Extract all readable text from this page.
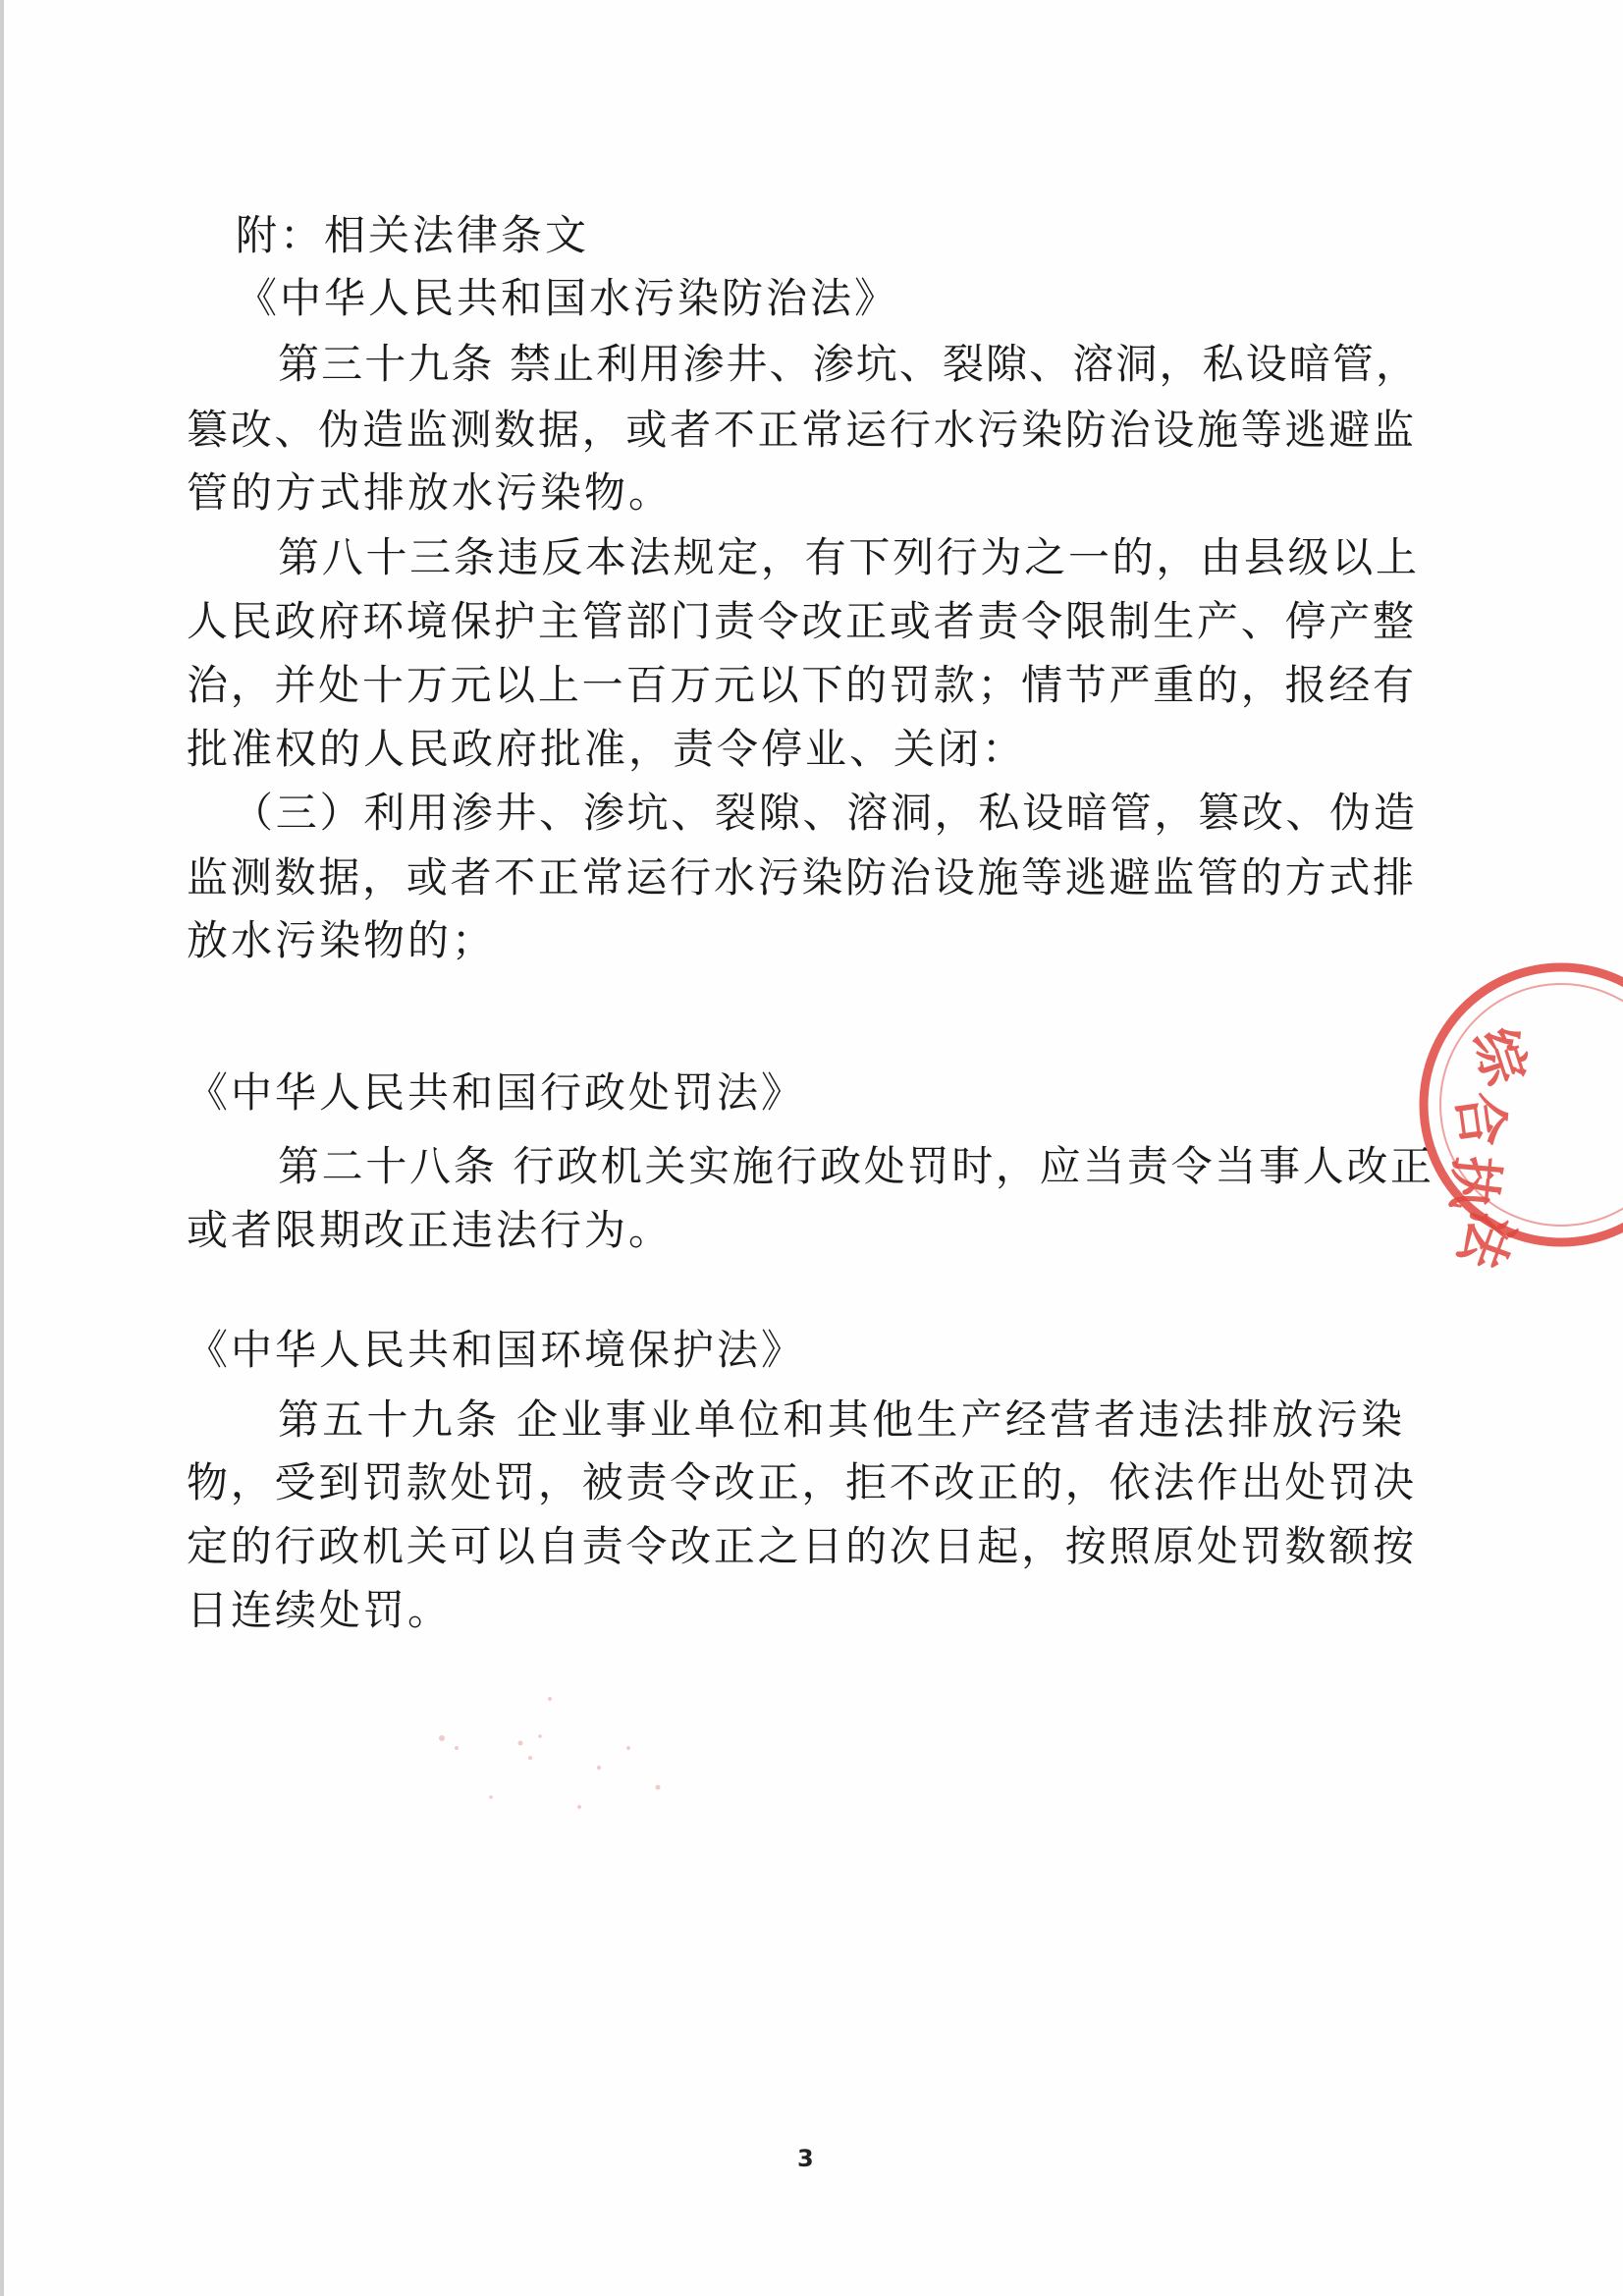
附：相关法律条文
《中华人民共和国水污染防治法》
第三十九条 禁止利用渗井、渗坑、裂隙、溶洞，私设暗管，
篡改、伪造监测数据，或者不正常运行水污染防治设施等逃避监
管的方式排放水污染物。
第八十三条违反本法规定，有下列行为之一的，由县级以上
人民政府环境保护主管部门责令改正或者责令限制生产、停产整
治，并处十万元以上一百万元以下的罚款；情节严重的，报经有
批准权的人民政府批准，责令停业、关闭：
（三）利用渗井、渗坑、裂隙、溶洞，私设暗管，篡改、伪造
监测数据，或者不正常运行水污染防治设施等逃避监管的方式排
放水污染物的；
《中华人民共和国行政处罚法》
第二十八条 行政机关实施行政处罚时，应当责令当事人改正
或者限期改正违法行为。
《中华人民共和国环境保护法》
第五十九条 企业事业单位和其他生产经营者违法排放污染
物，受到罚款处罚，被责令改正，拒不改正的，依法作出处罚决
定的行政机关可以自责令改正之日的次日起，按照原处罚数额按
日连续处罚。
综
合
执
法
3
